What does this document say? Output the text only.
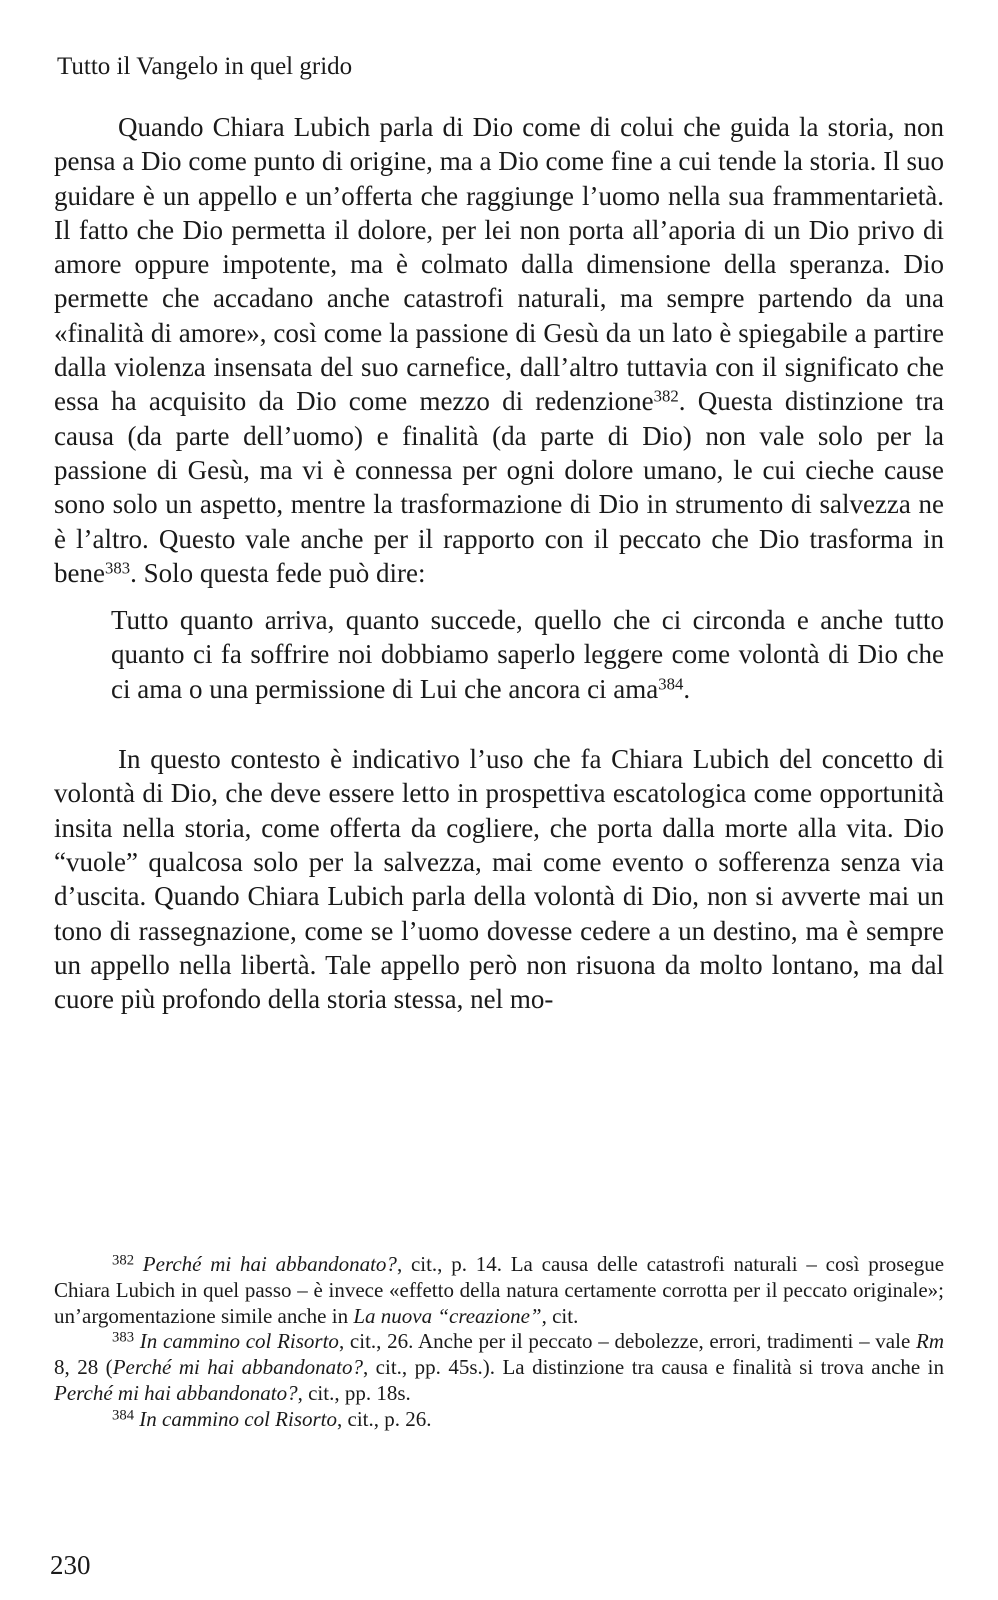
Tutto il Vangelo in quel grido

Quando Chiara Lubich parla di Dio come di colui che guida la storia, non pensa a Dio come punto di origine, ma a Dio come fine a cui tende la storia. Il suo guidare è un appello e un’offerta che raggiunge l’uomo nella sua frammentarietà. Il fatto che Dio permetta il dolore, per lei non porta all’aporia di un Dio privo di amore oppure impotente, ma è colmato dalla dimensione della speranza. Dio permette che accadano anche catastrofi naturali, ma sempre partendo da una «finalità di amore», così come la passione di Gesù da un lato è spiegabile a partire dalla violenza insensata del suo carnefice, dall’altro tuttavia con il significato che essa ha acquisito da Dio come mezzo di redenzione$^{382}$. Questa distinzione tra causa (da parte dell’uomo) e finalità (da parte di Dio) non vale solo per la passione di Gesù, ma vi è connessa per ogni dolore umano, le cui cieche cause sono solo un aspetto, mentre la trasformazione di Dio in strumento di salvezza ne è l’altro. Questo vale anche per il rapporto con il peccato che Dio trasforma in bene$^{383}$. Solo questa fede può dire:

Tutto quanto arriva, quanto succede, quello che ci circonda e anche tutto quanto ci fa soffrire noi dobbiamo saperlo leggere come volontà di Dio che ci ama o una permissione di Lui che ancora ci ama$^{384}$.

In questo contesto è indicativo l’uso che fa Chiara Lubich del concetto di volontà di Dio, che deve essere letto in prospettiva escatologica come opportunità insita nella storia, come offerta da cogliere, che porta dalla morte alla vita. Dio “vuole” qualcosa solo per la salvezza, mai come evento o sofferenza senza via d’uscita. Quando Chiara Lubich parla della volontà di Dio, non si avverte mai un tono di rassegnazione, come se l’uomo dovesse cedere a un destino, ma è sempre un appello nella libertà. Tale appello però non risuona da molto lontano, ma dal cuore più profondo della storia stessa, nel mo-

$^{382}$ Perché mi hai abbandonato?, cit., p. 14. La causa delle catastrofi naturali – così prosegue Chiara Lubich in quel passo – è invece «effetto della natura certamente corrotta per il peccato originale»; un’argomentazione simile anche in La nuova “creazione”, cit.

$^{383}$ In cammino col Risorto, cit., 26. Anche per il peccato – debolezze, errori, tradimenti – vale Rm 8, 28 (Perché mi hai abbandonato?, cit., pp. 45s.). La distinzione tra causa e finalità si trova anche in Perché mi hai abbandonato?, cit., pp. 18s.

$^{384}$ In cammino col Risorto, cit., p. 26.

230
